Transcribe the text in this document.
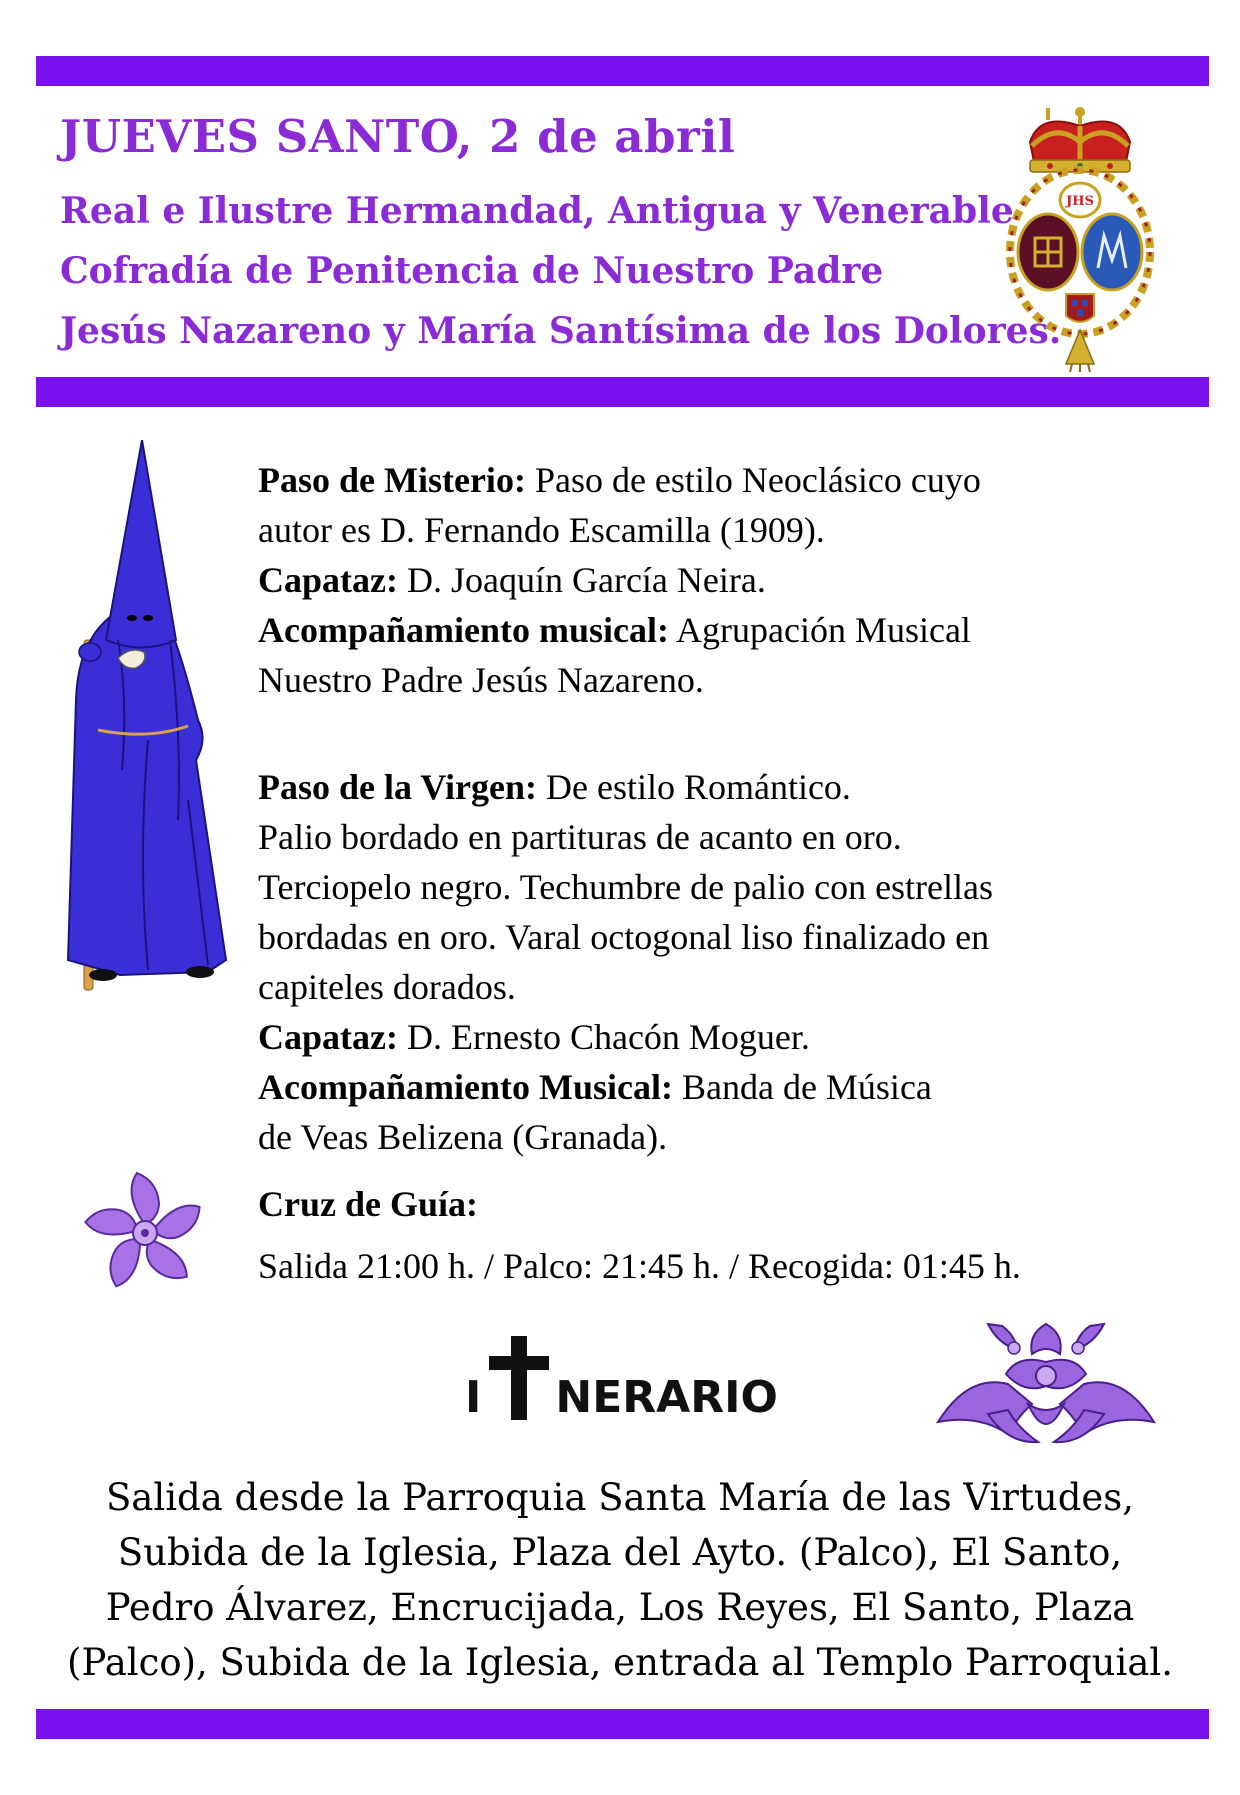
JUEVES SANTO, 2 de abril
Real e Ilustre Hermandad, Antigua y Venerable
Cofradía de Penitencia de Nuestro Padre
Jesús Nazareno y María Santísima de los Dolores.
JHS
Paso de Misterio: Paso de estilo Neoclásico cuyo
autor es D. Fernando Escamilla (1909).
Capataz: D. Joaquín García Neira.
Acompañamiento musical: Agrupación Musical
Nuestro Padre Jesús Nazareno.
Paso de la Virgen: De estilo Romántico.
Palio bordado en partituras de acanto en oro.
Terciopelo negro. Techumbre de palio con estrellas
bordadas en oro. Varal octogonal liso finalizado en
capiteles dorados.
Capataz: D. Ernesto Chacón Moguer.
Acompañamiento Musical: Banda de Música
de Veas Belizena (Granada).
Cruz de Guía:
Salida 21:00 h. / Palco: 21:45 h. / Recogida: 01:45 h.
I NERARIO
Salida desde la Parroquia Santa María de las Virtudes,
Subida de la Iglesia, Plaza del Ayto. (Palco), El Santo,
Pedro Álvarez, Encrucijada, Los Reyes, El Santo, Plaza
(Palco), Subida de la Iglesia, entrada al Templo Parroquial.
